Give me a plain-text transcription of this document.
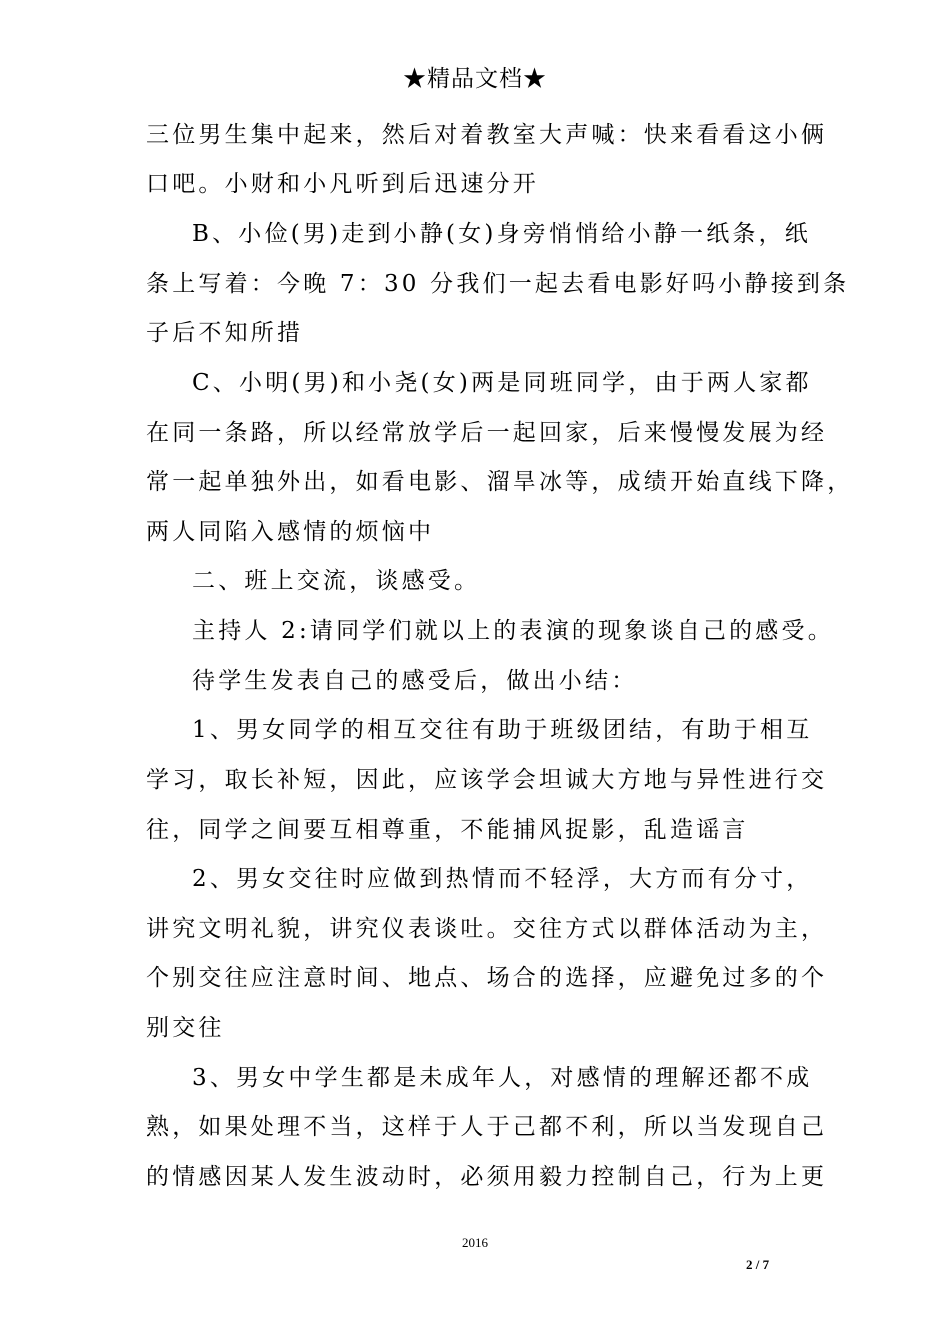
★精品文档★
三位男生集中起来，然后对着教室大声喊：快来看看这小俩
口吧。小财和小凡听到后迅速分开
B、小俭(男)走到小静(女)身旁悄悄给小静一纸条，纸
条上写着：今晚 7：30 分我们一起去看电影好吗小静接到条
子后不知所措
C、小明(男)和小尧(女)两是同班同学，由于两人家都
在同一条路，所以经常放学后一起回家，后来慢慢发展为经
常一起单独外出，如看电影、溜旱冰等，成绩开始直线下降，
两人同陷入感情的烦恼中
二、班上交流，谈感受。
主持人 2:请同学们就以上的表演的现象谈自己的感受。
待学生发表自己的感受后，做出小结：
1、男女同学的相互交往有助于班级团结，有助于相互
学习，取长补短，因此，应该学会坦诚大方地与异性进行交
往，同学之间要互相尊重，不能捕风捉影，乱造谣言
2、男女交往时应做到热情而不轻浮，大方而有分寸，
讲究文明礼貌，讲究仪表谈吐。交往方式以群体活动为主，
个别交往应注意时间、地点、场合的选择，应避免过多的个
别交往
3、男女中学生都是未成年人，对感情的理解还都不成
熟，如果处理不当，这样于人于己都不利，所以当发现自己
的情感因某人发生波动时，必须用毅力控制自己，行为上更
2016
2 / 7
